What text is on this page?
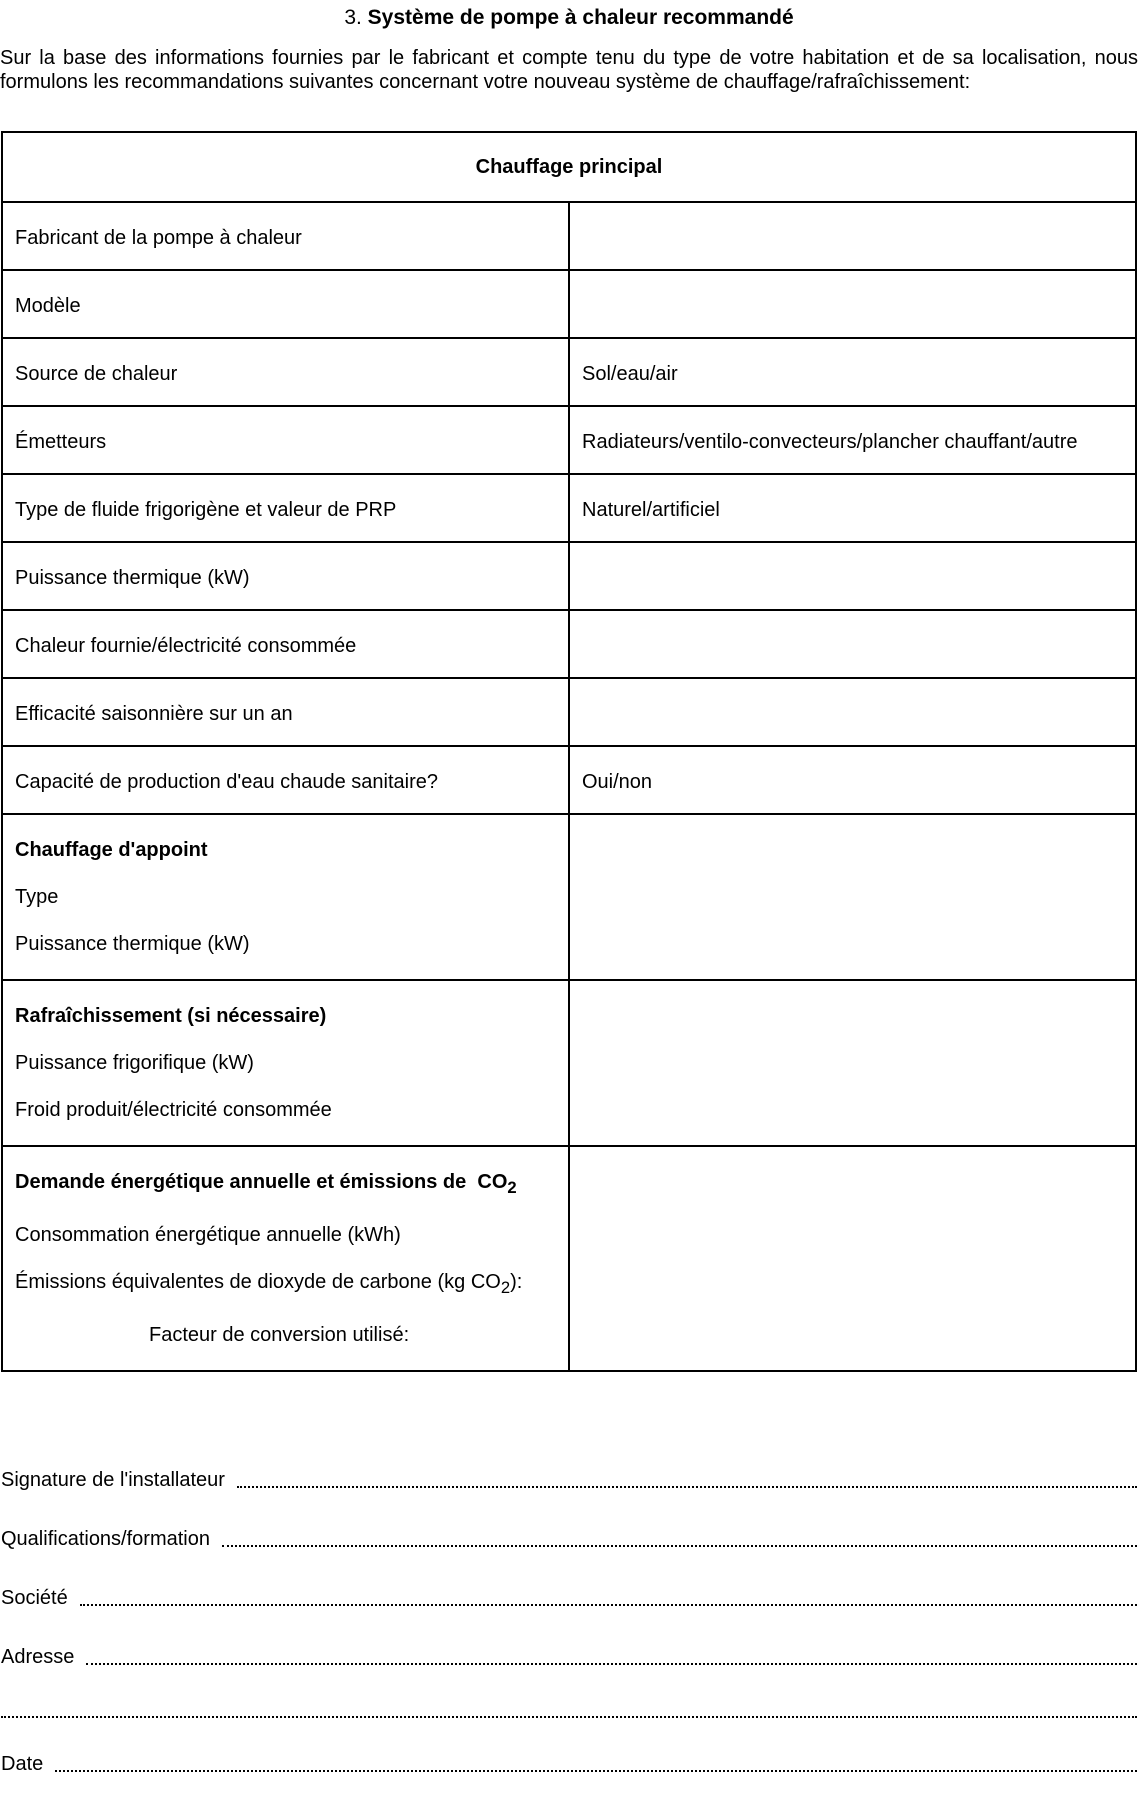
3. Système de pompe à chaleur recommandé
Sur la base des informations fournies par le fabricant et compte tenu du type de votre habitation et de sa localisation, nous formulons les recommandations suivantes concernant votre nouveau système de chauffage/rafraîchissement:
Chauffage principal	
Fabricant de la pompe à chaleur	
Modèle	
Source de chaleur	Sol/eau/air
Émetteurs	Radiateurs/ventilo-convecteurs/plancher chauffant/autre
Type de fluide frigorigène et valeur de PRP	Naturel/artificiel
Puissance thermique (kW)	
Chaleur fournie/électricité consommée	
Efficacité saisonnière sur un an	
Capacité de production d'eau chaude sanitaire?	Oui/non

Chauffage d'appoint
Type
Puissance thermique (kW)	

Rafraîchissement (si nécessaire)
Puissance frigorifique (kW)
Froid produit/électricité consommée	

Demande énergétique annuelle et émissions de $CO_2$
Consommation énergétique annuelle (kWh)
Émissions équivalentes de dioxyde de carbone (kg $CO_2$):
Facteur de conversion utilisé:	

Signature de l'installateur
Qualifications/formation
Société
Adresse
Date
